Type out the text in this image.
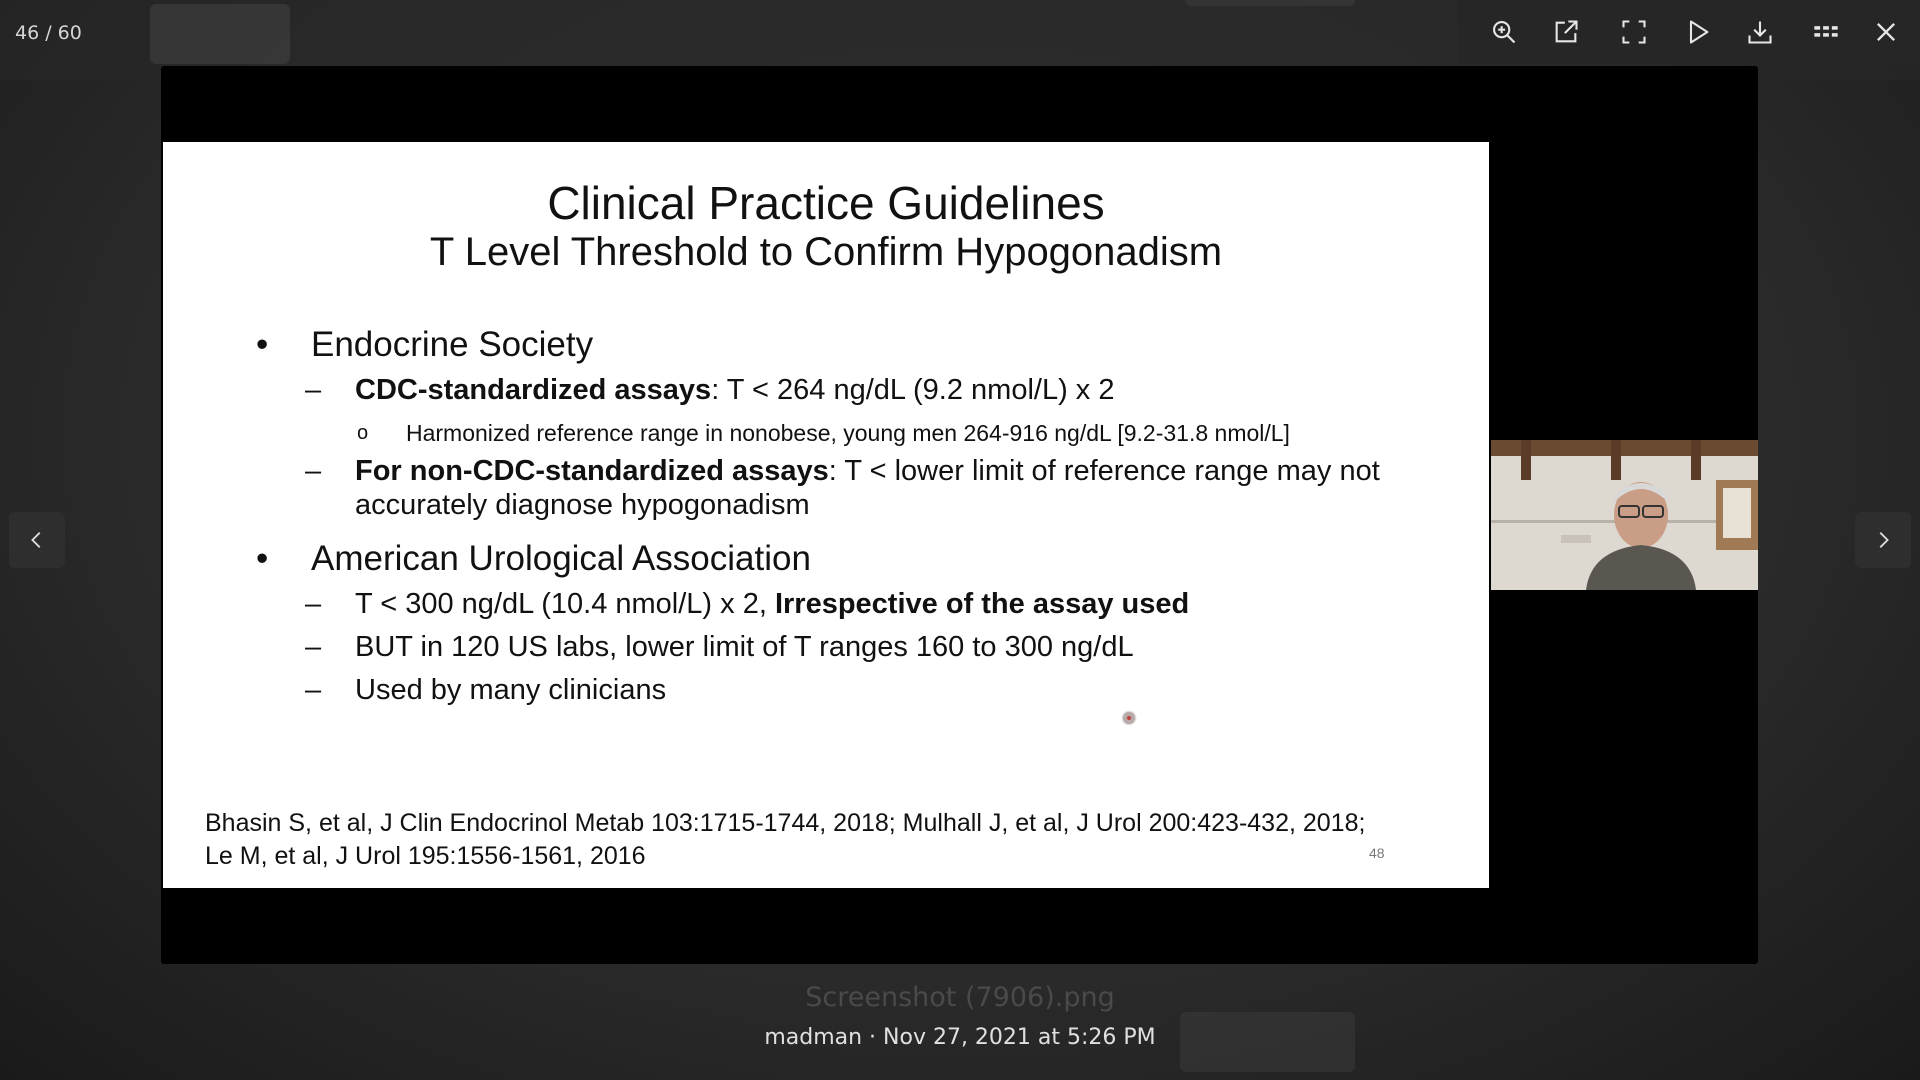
46 / 60
Clinical Practice Guidelines
T Level Threshold to Confirm Hypogonadism
• Endocrine Society
– CDC-standardized assays: T < 264 ng/dL (9.2 nmol/L) x 2
o Harmonized reference range in nonobese, young men 264-916 ng/dL [9.2-31.8 nmol/L]
– For non-CDC-standardized assays: T < lower limit of reference range may not
accurately diagnose hypogonadism
• American Urological Association
– T < 300 ng/dL (10.4 nmol/L) x 2, Irrespective of the assay used
– BUT in 120 US labs, lower limit of T ranges 160 to 300 ng/dL
– Used by many clinicians
Bhasin S, et al, J Clin Endocrinol Metab 103:1715-1744, 2018; Mulhall J, et al, J Urol 200:423-432, 2018;
Le M, et al, J Urol 195:1556-1561, 2016	48
Screenshot (7906).png
madman · Nov 27, 2021 at 5:26 PM
